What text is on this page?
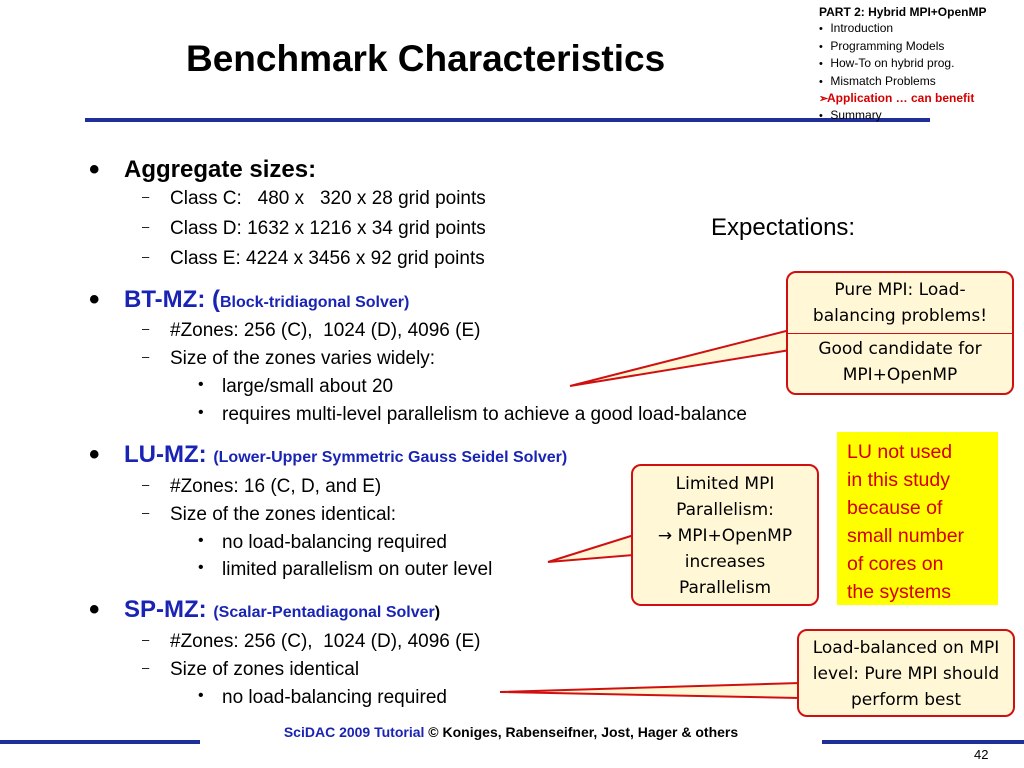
Benchmark Characteristics
PART 2: Hybrid MPI+OpenMP
• Introduction
• Programming Models
• How-To on hybrid prog.
• Mismatch Problems
➢Application … can benefit
• Summary
• Aggregate sizes:
– Class C:   480 x   320 x 28 grid points
– Class D: 1632 x 1216 x 34 grid points
– Class E: 4224 x 3456 x 92 grid points
• BT-MZ: (Block-tridiagonal Solver)
– #Zones: 256 (C),  1024 (D), 4096 (E)
– Size of the zones varies widely:
• large/small about 20
• requires multi-level parallelism to achieve a good load-balance
• LU-MZ: (Lower-Upper Symmetric Gauss Seidel Solver)
– #Zones: 16 (C, D, and E)
– Size of the zones identical:
• no load-balancing required
• limited parallelism on outer level
• SP-MZ: (Scalar-Pentadiagonal Solver)
– #Zones: 256 (C),  1024 (D), 4096 (E)
– Size of zones identical
• no load-balancing required
Expectations:
Pure MPI: Load-
balancing problems!
Good candidate for
MPI+OpenMP
Limited MPI
Parallelism:
→ MPI+OpenMP
increases
Parallelism
Load-balanced on MPI
level: Pure MPI should
perform best
LU not used
in this study
because of
small number
of cores on
the systems
SciDAC 2009 Tutorial © Koniges, Rabenseifner, Jost, Hager & others
42
